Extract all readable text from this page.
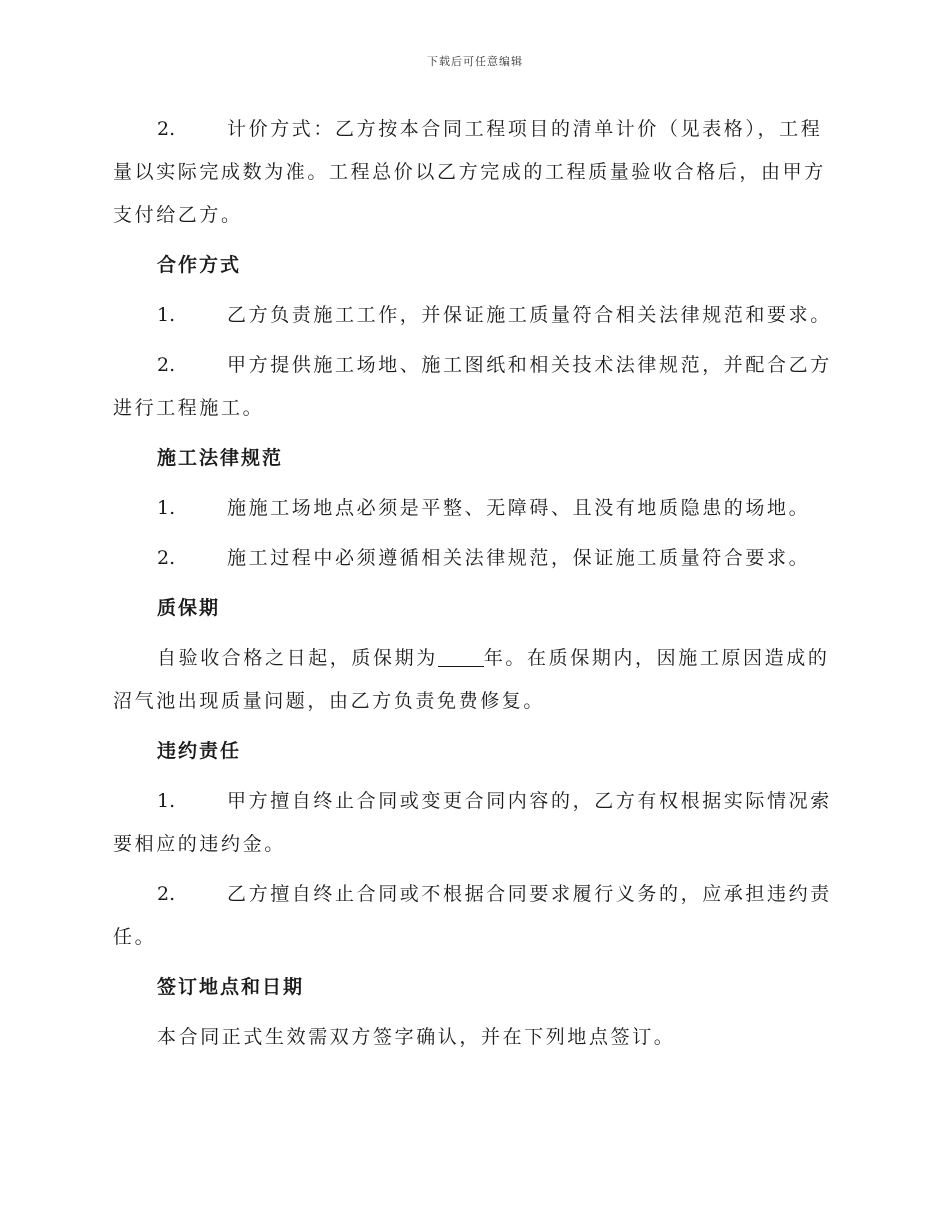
下载后可任意编辑

2.	计价方式：乙方按本合同工程项目的清单计价（见表格），工程量以实际完成数为准。工程总价以乙方完成的工程质量验收合格后，由甲方支付给乙方。

合作方式

1.	乙方负责施工工作，并保证施工质量符合相关法律规范和要求。

2.	甲方提供施工场地、施工图纸和相关技术法律规范，并配合乙方进行工程施工。

施工法律规范

1.	施施工场地点必须是平整、无障碍、且没有地质隐患的场地。

2.	施工过程中必须遵循相关法律规范，保证施工质量符合要求。

质保期

自验收合格之日起，质保期为 年。在质保期内，因施工原因造成的沼气池出现质量问题，由乙方负责免费修复。

违约责任

1.	甲方擅自终止合同或变更合同内容的，乙方有权根据实际情况索要相应的违约金。

2.	乙方擅自终止合同或不根据合同要求履行义务的，应承担违约责任。

签订地点和日期

本合同正式生效需双方签字确认，并在下列地点签订。
